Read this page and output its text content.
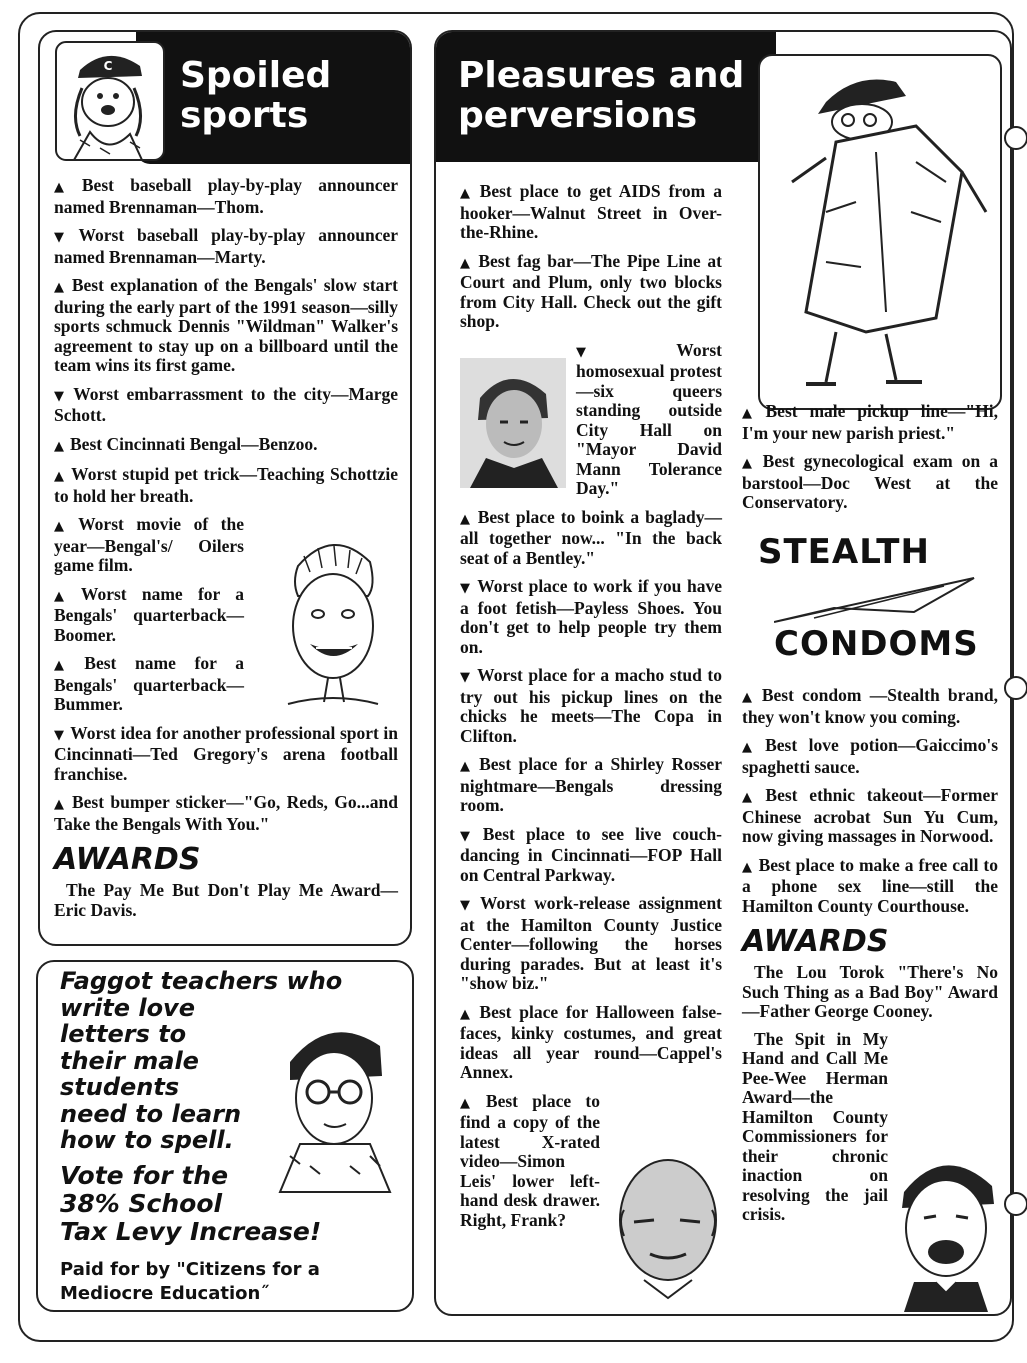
C Spoiled
sports

▲ Best baseball play-by-play announcer named Brennaman—Thom.

▼ Worst baseball play-by-play announcer named Brennaman—Marty.

▲ Best explanation of the Bengals' slow start during the early part of the 1991 season—silly sports schmuck Dennis "Wildman" Walker's agreement to stay up on a billboard until the team wins its first game.

▼ Worst embarrassment to the city—Marge Schott.

▲ Best Cincinnati Bengal—Benzoo.

▲ Worst stupid pet trick—Teaching Schottzie to hold her breath.

▲ Worst movie of the year—Bengal's/ Oilers game film.

▲ Worst name for a Bengals' quarterback—Boomer.

▲ Best name for a Bengals' quarterback—Bummer.

▼ Worst idea for another professional sport in Cincinnati—Ted Gregory's arena football franchise.

▲ Best bumper sticker—"Go, Reds, Go...and Take the Bengals With You."

AWARDS

The Pay Me But Don't Play Me Award—Eric Davis.

Faggot teachers who
write love
letters to
their male
students
need to learn
how to spell.
Vote for the
38% School
Tax Levy Increase!
Paid for by "Citizens for a
Mediocre Education˝
Pleasures and
perversions

▲ Best place to get AIDS from a hooker—Walnut Street in Over-the-Rhine.

▲ Best fag bar—The Pipe Line at Court and Plum, only two blocks from City Hall. Check out the gift shop.

▼ Worst homosexual protest—six queers standing outside City Hall on "Mayor David Mann Tolerance Day."

▲ Best place to boink a baglady—all together now... "In the back seat of a Bentley."

▼ Worst place to work if you have a foot fetish—Payless Shoes. You don't get to help people try them on.

▼ Worst place for a macho stud to try out his pickup lines on the chicks he meets—The Copa in Clifton.

▲ Best place for a Shirley Rosser nightmare—Bengals dressing room.

▼ Best place to see live couch-dancing in Cincinnati—FOP Hall on Central Parkway.

▼ Worst work-release assignment at the Hamilton County Justice Center—following the horses during parades. But at least it's "show biz."

▲ Best place for Halloween false-faces, kinky costumes, and great ideas all year round—Cappel's Annex.

▲ Best place to find a copy of the latest X-rated video—Simon Leis' lower left-hand desk drawer. Right, Frank?

▲ Best male pickup line—"Hi, I'm your new parish priest."

▲ Best gynecological exam on a barstool—Doc West at the Conservatory.

STEALTH
CONDOMS

▲ Best condom —Stealth brand, they won't know you coming.

▲ Best love potion—Gaiccimo's spaghetti sauce.

▲ Best ethnic takeout—Former Chinese acrobat Sun Yu Cum, now giving massages in Norwood.

▲ Best place to make a free call to a phone sex line—still the Hamilton County Courthouse.

AWARDS

The Lou Torok "There's No Such Thing as a Bad Boy" Award—Father George Cooney.

The Spit in My Hand and Call Me Pee-Wee Herman Award—the Hamilton County Commissioners for their chronic inaction on resolving the jail crisis.
